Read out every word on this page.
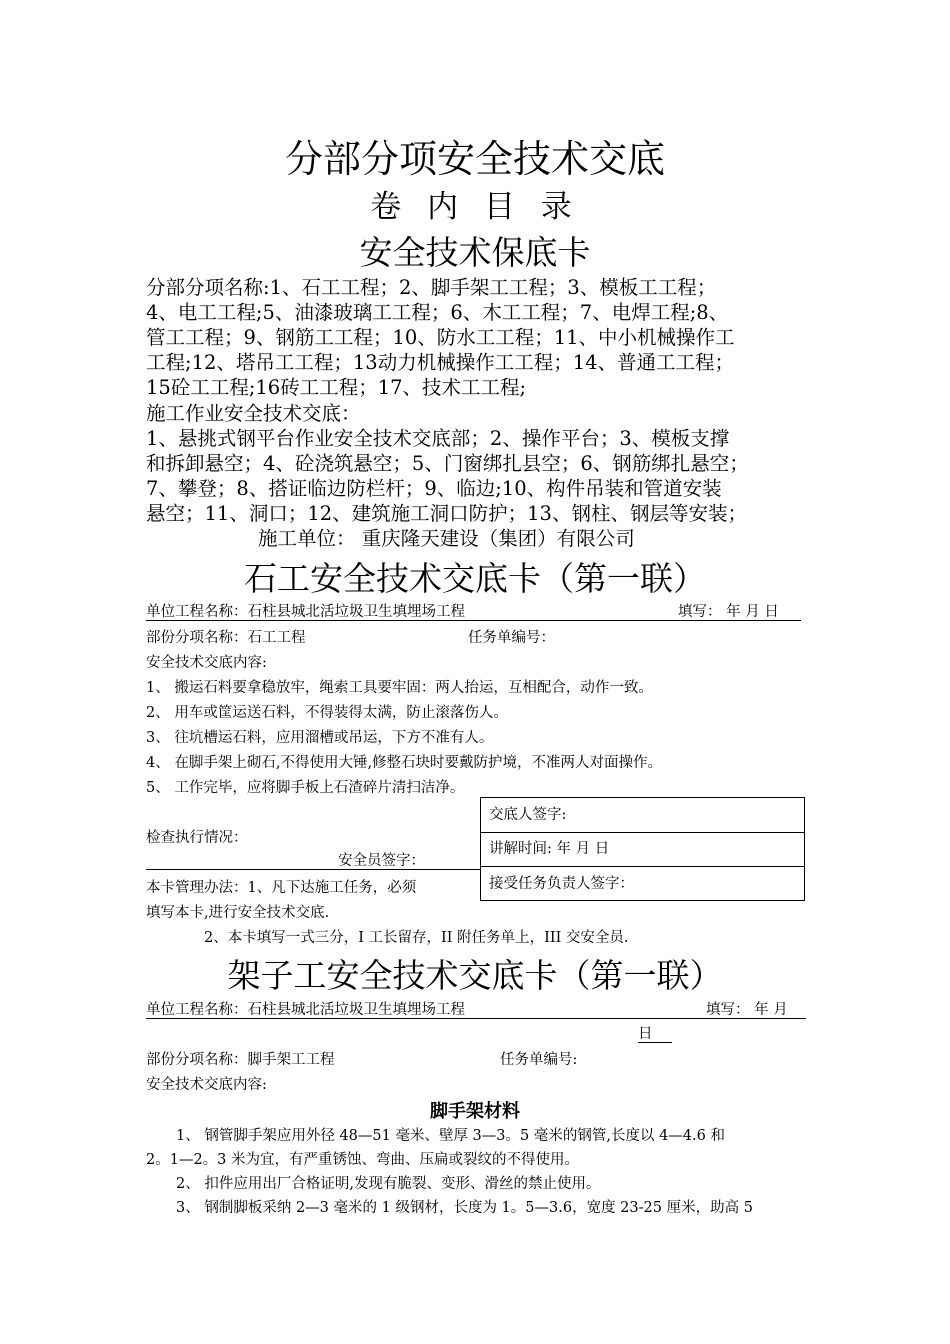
分部分项安全技术交底
卷 内 目 录
安全技术保底卡
分部分项名称:1、石工工程；2、脚手架工工程；3、模板工工程；
4、电工工程;5、油漆玻璃工工程；6、木工工程；7、电焊工程;8、
管工工程；9、钢筋工工程；10、防水工工程；11、中小机械操作工
工程;12、塔吊工工程；13动力机械操作工工程；14、普通工工程；
15砼工工程;16砖工工程；17、技术工工程;
施工作业安全技术交底：
1、悬挑式钢平台作业安全技术交底部；2、操作平台；3、模板支撑
和拆卸悬空；4、砼浇筑悬空；5、门窗绑扎县空；6、钢筋绑扎悬空；
7、攀登；8、搭证临边防栏杆；9、临边;10、构件吊装和管道安装
悬空；11、洞口；12、建筑施工洞口防护；13、钢柱、钢层等安装；
施工单位： 重庆隆天建设（集团）有限公司
石工安全技术交底卡（第一联）
单位工程名称：石柱县城北活垃圾卫生填埋场工程	填写： 年 月 日
部份分项名称：石工工程	任务单编号：
安全技术交底内容:
1、 搬运石料要拿稳放牢，绳索工具要牢固：两人抬运，互相配合，动作一致。
2、 用车或筐运送石料，不得装得太满，防止滚落伤人。
3、 往坑槽运石料，应用溜槽或吊运，下方不准有人。
4、 在脚手架上砌石,不得使用大锤,修整石块时要戴防护境，不准两人对面操作。
5、 工作完毕，应将脚手板上石渣碎片清扫洁净。
检查执行情况：
安全员签字：
交底人签字:
讲解时间: 年 月 日
接受任务负责人签字：
本卡管理办法：1、凡下达施工任务，必须
填写本卡,进行安全技术交底.
2、本卡填写一式三分，I 工长留存，II 附任务单上，III 交安全员.
架子工安全技术交底卡（第一联）
单位工程名称：石柱县城北活垃圾卫生填埋场工程	填写： 年 月
日
部份分项名称：脚手架工工程	任务单编号:
安全技术交底内容:
脚手架材料
1、 钢管脚手架应用外径 48—51 毫米、壁厚 3—3。5 毫米的钢管,长度以 4—4.6 和
2。1—2。3 米为宜，有严重锈蚀、弯曲、压扁或裂纹的不得使用。
2、 扣件应用出厂合格证明,发现有脆裂、变形、滑丝的禁止使用。
3、 钢制脚板采纳 2—3 毫米的 1 级钢材，长度为 1。5—3.6，宽度 23-25 厘米，助高 5
